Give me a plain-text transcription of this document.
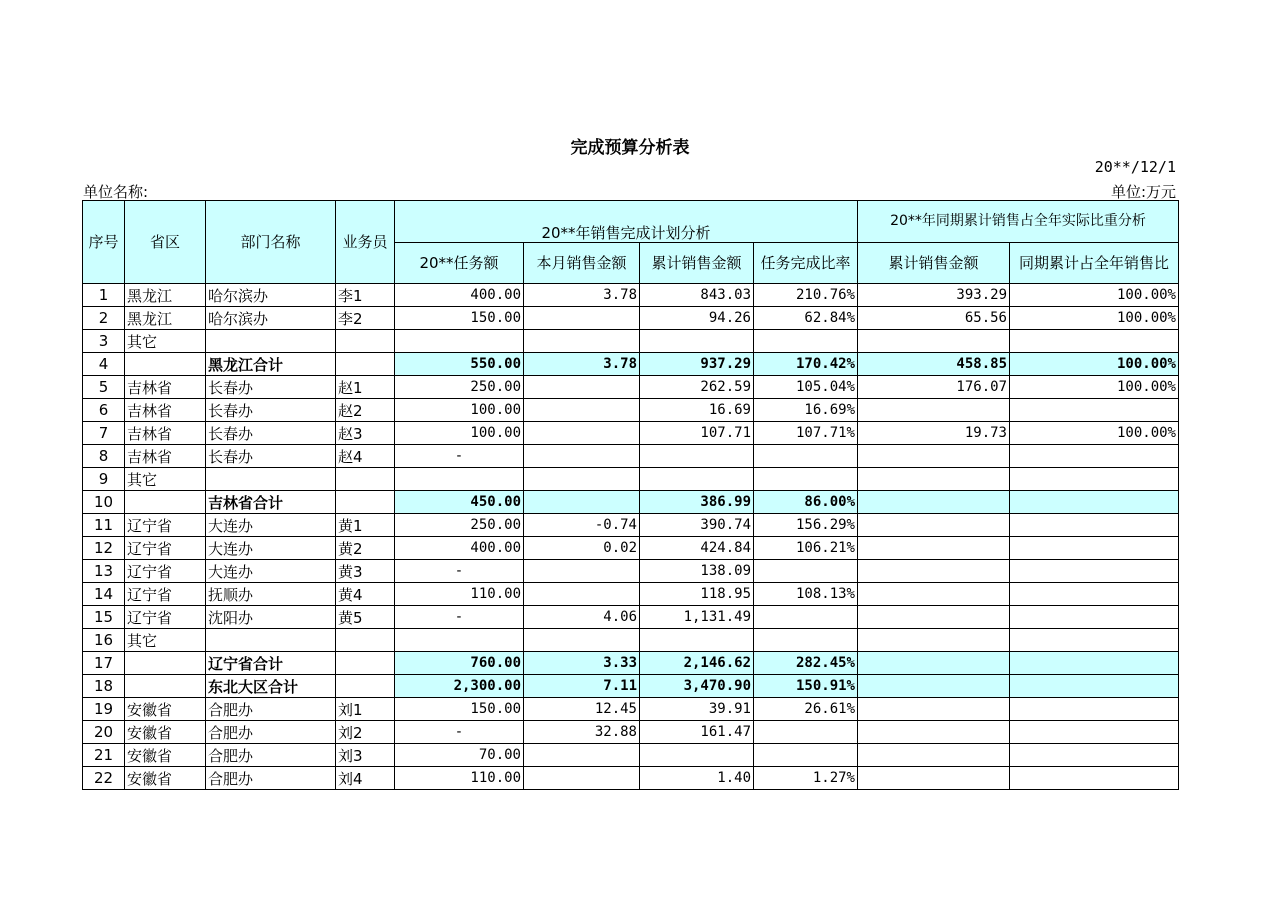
完成预算分析表
20**/12/1
单位名称:	单位:万元
序号	省区	部门名称	业务员	20**年销售完成计划分析				20**年同期累计销售占全年实际比重分析	
				20**任务额	本月销售金额	累计销售金额	任务完成比率	累计销售金额	同期累计占全年销售比
1	黑龙江	哈尔滨办	李1	400.00	3.78	843.03	210.76%	393.29	100.00%
2	黑龙江	哈尔滨办	李2	150.00		94.26	62.84%	65.56	100.00%
3	其它								
4		黑龙江合计		550.00	3.78	937.29	170.42%	458.85	100.00%
5	吉林省	长春办	赵1	250.00		262.59	105.04%	176.07	100.00%
6	吉林省	长春办	赵2	100.00		16.69	16.69%		
7	吉林省	长春办	赵3	100.00		107.71	107.71%	19.73	100.00%
8	吉林省	长春办	赵4	-					
9	其它								
10		吉林省合计		450.00		386.99	86.00%		
11	辽宁省	大连办	黄1	250.00	-0.74	390.74	156.29%		
12	辽宁省	大连办	黄2	400.00	0.02	424.84	106.21%		
13	辽宁省	大连办	黄3	-		138.09			
14	辽宁省	抚顺办	黄4	110.00		118.95	108.13%		
15	辽宁省	沈阳办	黄5	-	4.06	1,131.49			
16	其它								
17		辽宁省合计		760.00	3.33	2,146.62	282.45%		
18		东北大区合计		2,300.00	7.11	3,470.90	150.91%		
19	安徽省	合肥办	刘1	150.00	12.45	39.91	26.61%		
20	安徽省	合肥办	刘2	-	32.88	161.47			
21	安徽省	合肥办	刘3	70.00					
22	安徽省	合肥办	刘4	110.00		1.40	1.27%		
